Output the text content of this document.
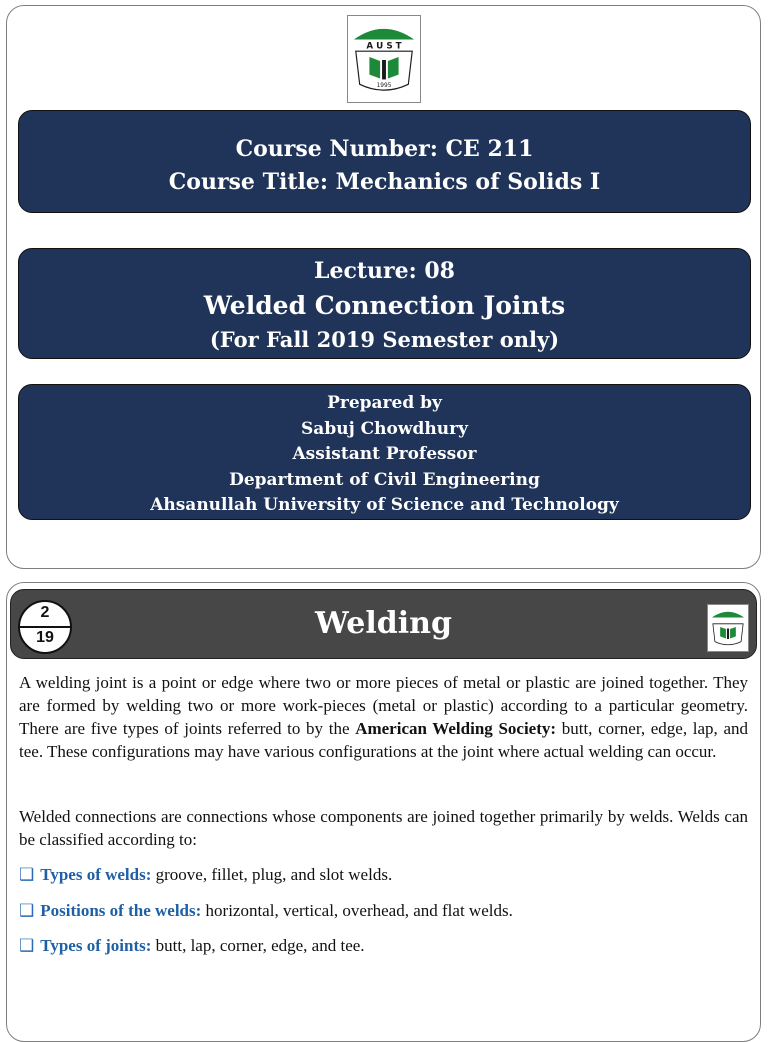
A U S T
1995
Course Number: CE 211
Course Title: Mechanics of Solids I
Lecture: 08
Welded Connection Joints
(For Fall 2019 Semester only)
Prepared by
Sabuj Chowdhury
Assistant Professor
Department of Civil Engineering
Ahsanullah University of Science and Technology
2
19	Welding
A welding joint is a point or edge where two or more pieces of metal or plastic are joined together. They are formed by welding two or more work-pieces (metal or plastic) according to a particular geometry. There are five types of joints referred to by the American Welding Society: butt, corner, edge, lap, and tee. These configurations may have various configurations at the joint where actual welding can occur.
Welded connections are connections whose components are joined together primarily by welds. Welds can be classified according to:
❑ Types of welds: groove, fillet, plug, and slot welds.
❑ Positions of the welds: horizontal, vertical, overhead, and flat welds.
❑ Types of joints: butt, lap, corner, edge, and tee.
